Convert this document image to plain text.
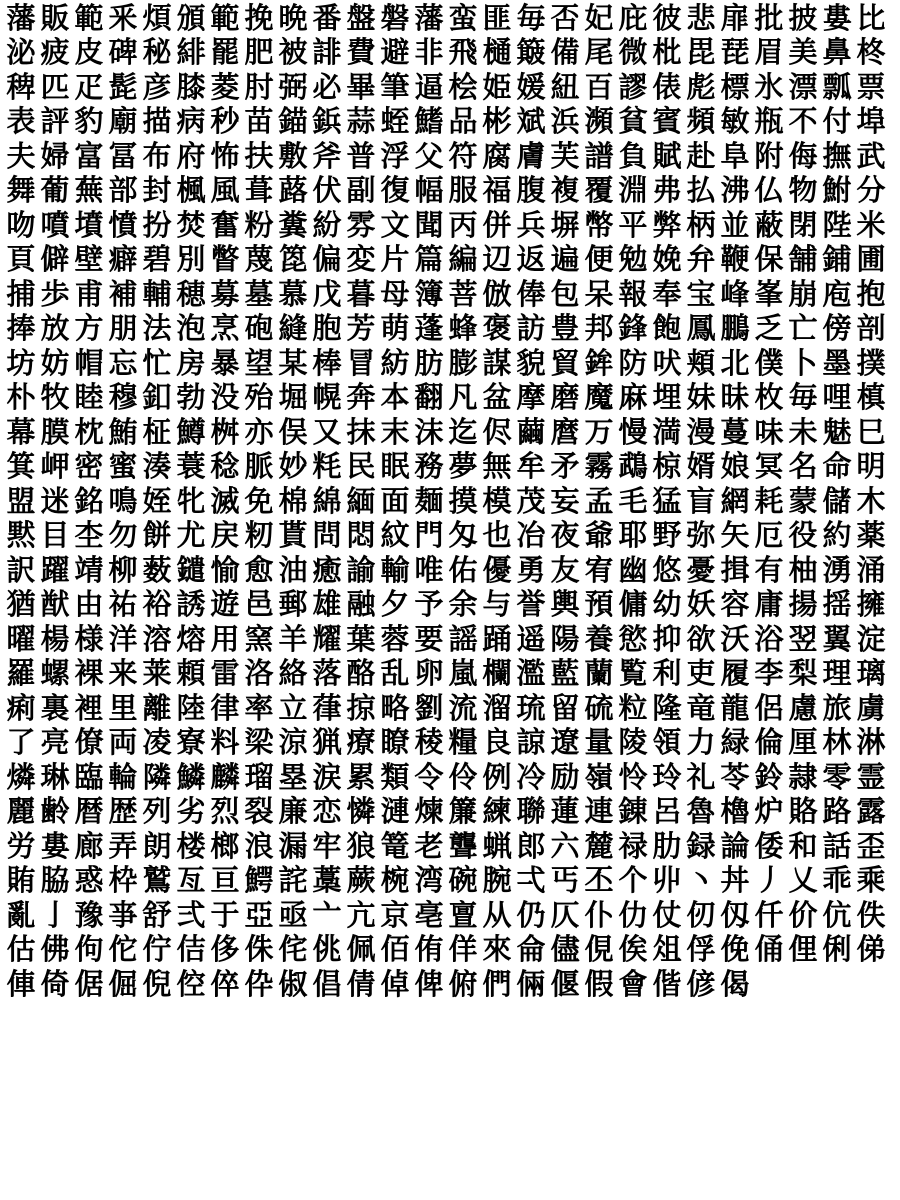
藩 販 範 釆 煩 頒 範 挽 晩 番 盤 磐 藩 蛮 匪 毎 否 妃 庇 彼 悲 扉 批 披 婁 比
泌 疲 皮 碑 秘 緋 罷 肥 被 誹 費 避 非 飛 樋 簸 備 尾 微 枇 毘 琵 眉 美 鼻 柊
稗 匹 疋 髭 彦 膝 菱 肘 弼 必 畢 筆 逼 桧 姫 媛 紐 百 謬 俵 彪 標 氷 漂 瓢 票
表 評 豹 廟 描 病 秒 苗 錨 鋲 蒜 蛭 鰭 品 彬 斌 浜 瀕 貧 賓 頻 敏 瓶 不 付 埠
夫 婦 富 冨 布 府 怖 扶 敷 斧 普 浮 父 符 腐 膚 芙 譜 負 賦 赴 阜 附 侮 撫 武
舞 葡 蕪 部 封 楓 風 葺 蕗 伏 副 復 幅 服 福 腹 複 覆 淵 弗 払 沸 仏 物 鮒 分
吻 噴 墳 憤 扮 焚 奮 粉 糞 紛 雰 文 聞 丙 併 兵 塀 幣 平 弊 柄 並 蔽 閉 陛 米
頁 僻 壁 癖 碧 別 瞥 蔑 箆 偏 変 片 篇 編 辺 返 遍 便 勉 娩 弁 鞭 保 舗 鋪 圃
捕 歩 甫 補 輔 穂 募 墓 慕 戊 暮 母 簿 菩 倣 俸 包 呆 報 奉 宝 峰 峯 崩 庖 抱
捧 放 方 朋 法 泡 烹 砲 縫 胞 芳 萌 蓬 蜂 褒 訪 豊 邦 鋒 飽 鳳 鵬 乏 亡 傍 剖
坊 妨 帽 忘 忙 房 暴 望 某 棒 冒 紡 肪 膨 謀 貌 貿 鉾 防 吠 頬 北 僕 卜 墨 撲
朴 牧 睦 穆 釦 勃 没 殆 堀 幌 奔 本 翻 凡 盆 摩 磨 魔 麻 埋 妹 昧 枚 毎 哩 槙
幕 膜 枕 鮪 柾 鱒 桝 亦 俣 又 抹 末 沫 迄 侭 繭 麿 万 慢 満 漫 蔓 味 未 魅 巳
箕 岬 密 蜜 湊 蓑 稔 脈 妙 粍 民 眠 務 夢 無 牟 矛 霧 鵡 椋 婿 娘 冥 名 命 明
盟 迷 銘 鳴 姪 牝 滅 免 棉 綿 緬 面 麺 摸 模 茂 妄 孟 毛 猛 盲 網 耗 蒙 儲 木
黙 目 杢 勿 餅 尤 戻 籾 貰 問 悶 紋 門 匁 也 冶 夜 爺 耶 野 弥 矢 厄 役 約 薬
訳 躍 靖 柳 薮 鑓 愉 愈 油 癒 諭 輸 唯 佑 優 勇 友 宥 幽 悠 憂 揖 有 柚 湧 涌
猶 猷 由 祐 裕 誘 遊 邑 郵 雄 融 夕 予 余 与 誉 輿 預 傭 幼 妖 容 庸 揚 揺 擁
曜 楊 様 洋 溶 熔 用 窯 羊 耀 葉 蓉 要 謡 踊 遥 陽 養 慾 抑 欲 沃 浴 翌 翼 淀
羅 螺 裸 来 莱 頼 雷 洛 絡 落 酪 乱 卵 嵐 欄 濫 藍 蘭 覧 利 吏 履 李 梨 理 璃
痢 裏 裡 里 離 陸 律 率 立 葎 掠 略 劉 流 溜 琉 留 硫 粒 隆 竜 龍 侶 慮 旅 虜
了 亮 僚 両 凌 寮 料 梁 涼 猟 療 瞭 稜 糧 良 諒 遼 量 陵 領 力 緑 倫 厘 林 淋
燐 琳 臨 輪 隣 鱗 麟 瑠 塁 涙 累 類 令 伶 例 冷 励 嶺 怜 玲 礼 苓 鈴 隷 零 霊
麗 齢 暦 歴 列 劣 烈 裂 廉 恋 憐 漣 煉 簾 練 聯 蓮 連 錬 呂 魯 櫓 炉 賂 路 露
労 婁 廊 弄 朗 楼 榔 浪 漏 牢 狼 篭 老 聾 蝋 郎 六 麓 禄 肋 録 論 倭 和 話 歪
賄 脇 惑 枠 鷲 亙 亘 鰐 詫 藁 蕨 椀 湾 碗 腕 弌 丐 丕 个 丱 丶 丼 丿 乂 乖 乘
亂 亅 豫 亊 舒 弍 于 亞 亟 亠 亢 京 亳 亶 从 仍 仄 仆 仂 仗 仞 仭 仟 价 伉 佚
估 佛 佝 佗 佇 佶 侈 侏 侘 佻 佩 佰 侑 佯 來 侖 儘 俔 俟 俎 俘 俛 俑 俚 俐 俤
俥 倚 倨 倔 倪 倥 倅 伜 俶 倡 倩 倬 俾 俯 們 倆 偃 假 會 偕 偐 偈
